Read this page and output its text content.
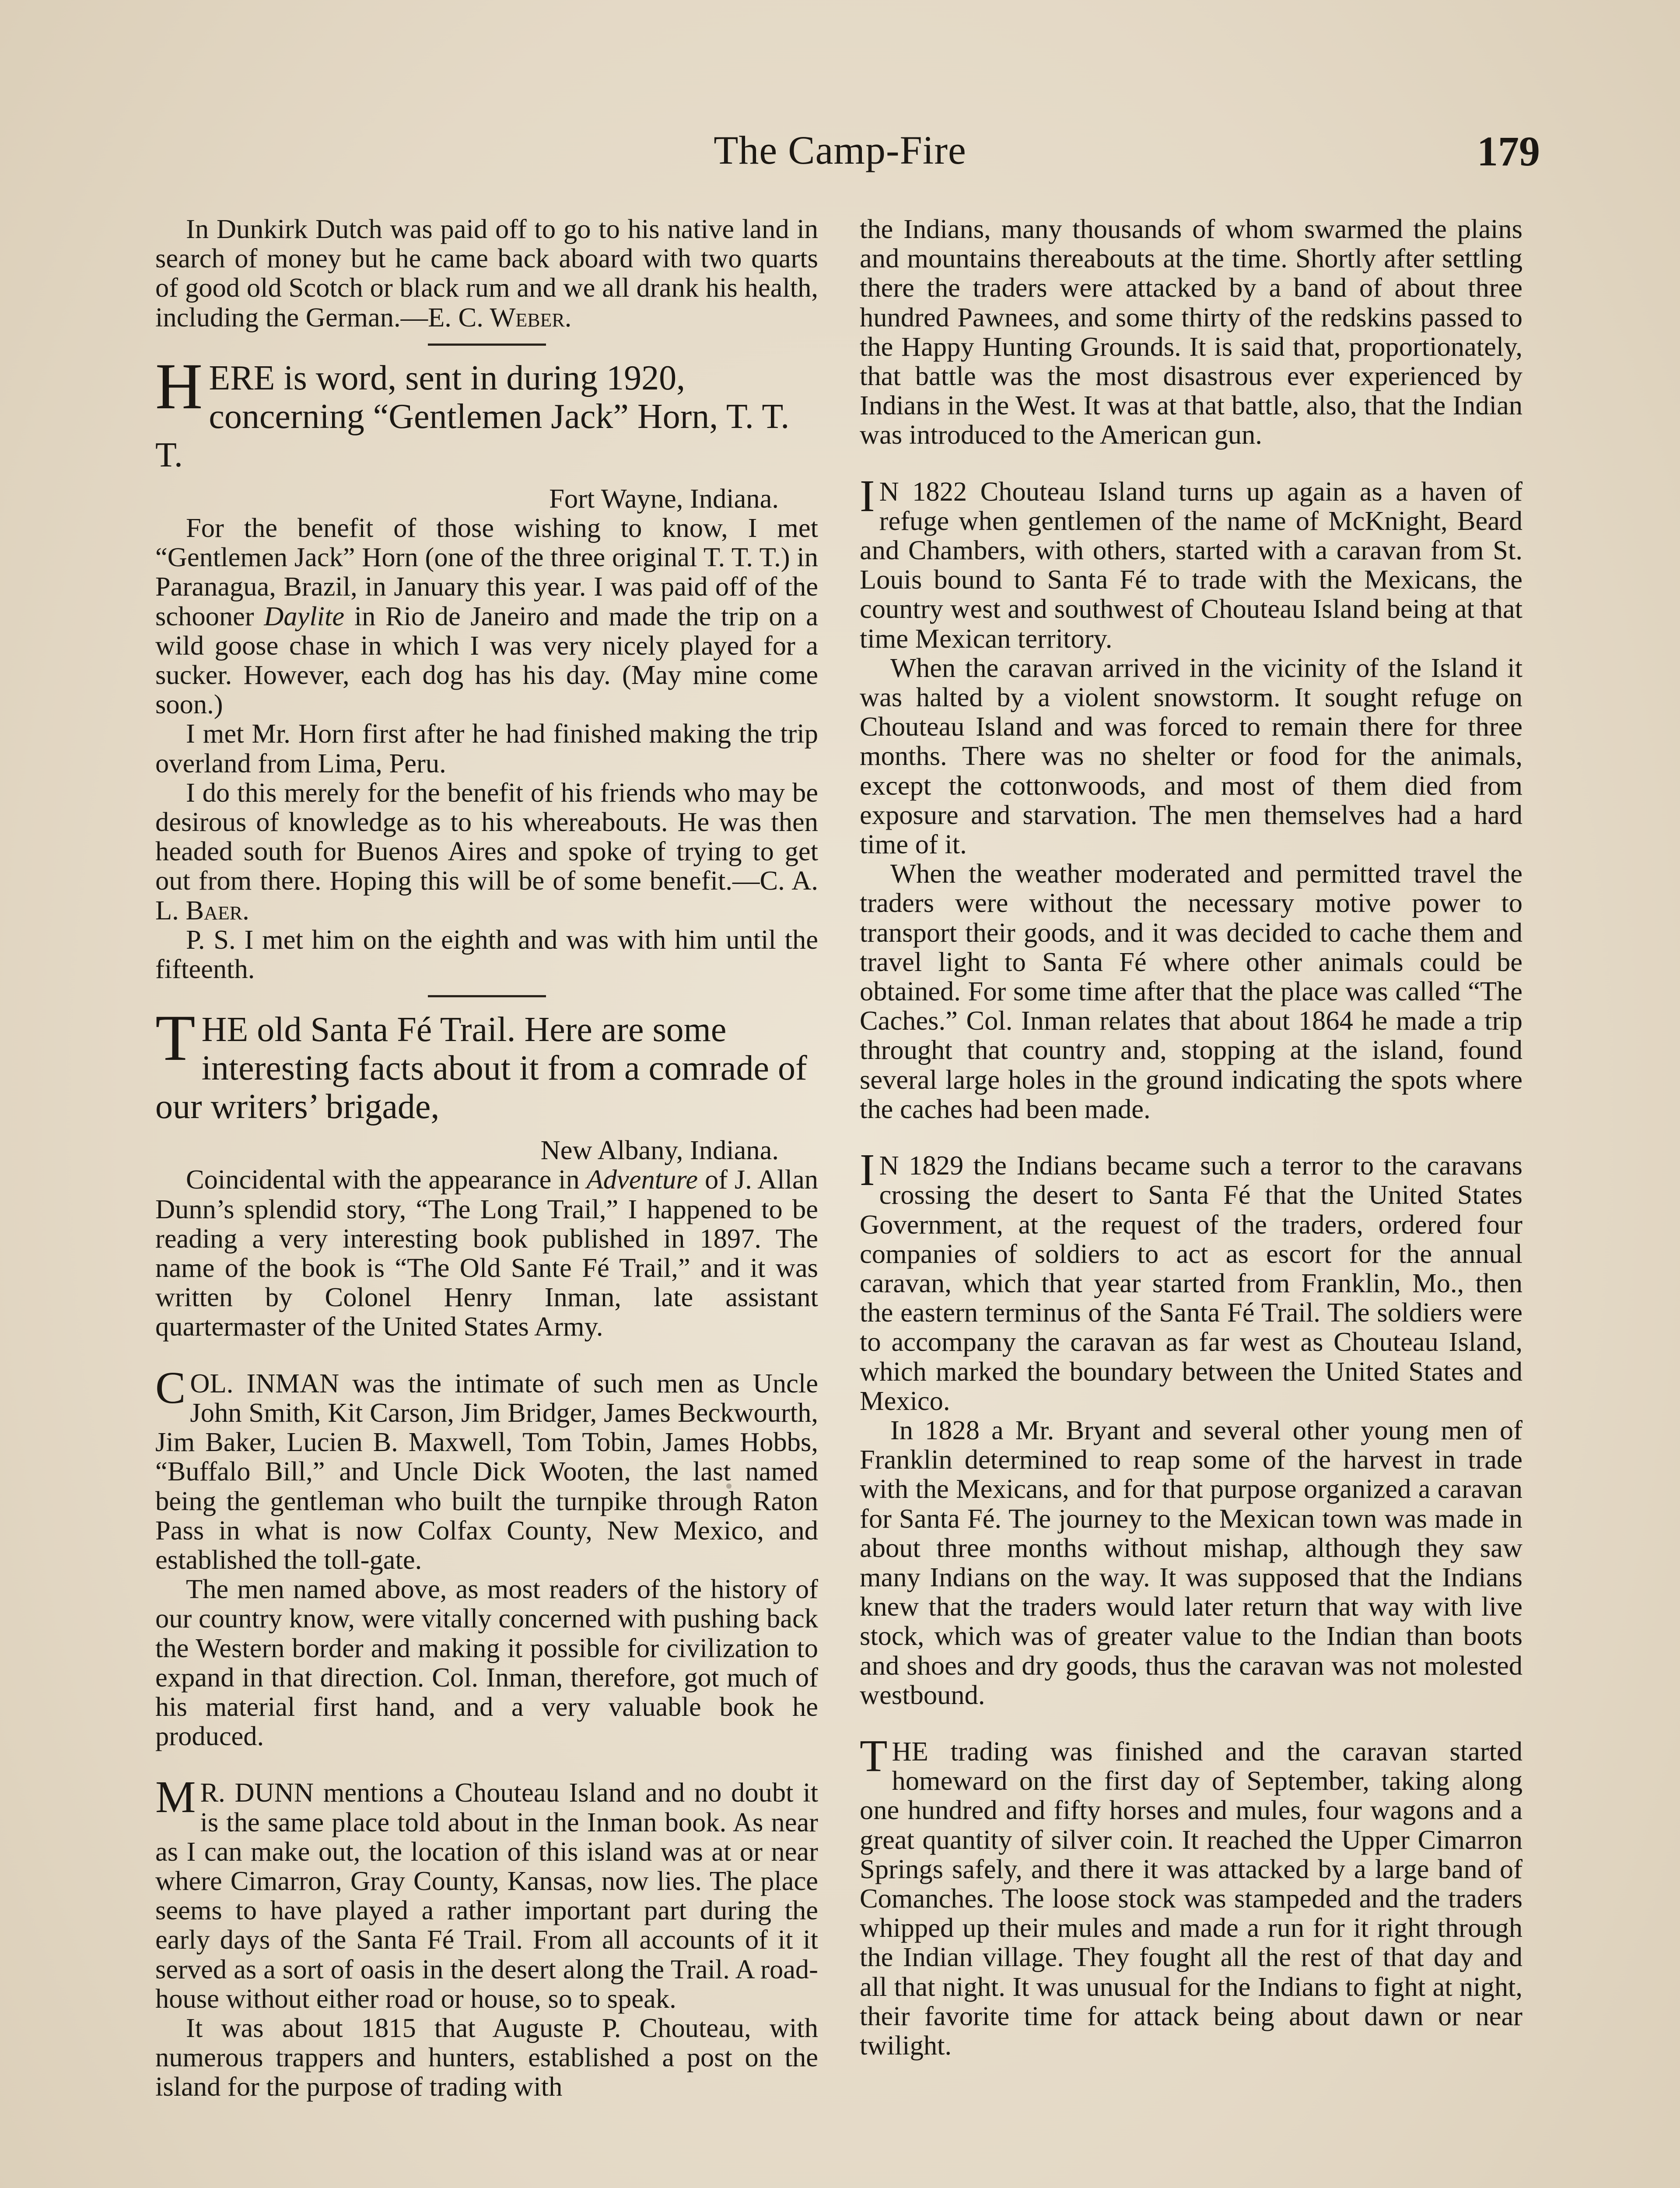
The Camp-Fire	179

In Dunkirk Dutch was paid off to go to his native land in search of money but he came back aboard with two quarts of good old Scotch or black rum and we all drank his health, including the German.—E. C. Weber.

HERE is word, sent in during 1920, concerning “Gentlemen Jack” Horn, T. T. T.

Fort Wayne, Indiana.

For the benefit of those wishing to know, I met “Gentlemen Jack” Horn (one of the three original T. T. T.) in Paranagua, Brazil, in January this year. I was paid off of the schooner Daylite in Rio de Janeiro and made the trip on a wild goose chase in which I was very nicely played for a sucker. However, each dog has his day. (May mine come soon.)

I met Mr. Horn first after he had finished making the trip overland from Lima, Peru.

I do this merely for the benefit of his friends who may be desirous of knowledge as to his whereabouts. He was then headed south for Buenos Aires and spoke of trying to get out from there. Hoping this will be of some benefit.—C. A. L. Baer.

P. S. I met him on the eighth and was with him until the fifteenth.

THE old Santa Fé Trail. Here are some interesting facts about it from a comrade of our writers’ brigade,

New Albany, Indiana.

Coincidental with the appearance in Adventure of J. Allan Dunn’s splendid story, “The Long Trail,” I happened to be reading a very interesting book published in 1897. The name of the book is “The Old Sante Fé Trail,” and it was written by Colonel Henry Inman, late assistant quartermaster of the United States Army.

COL. INMAN was the intimate of such men as Uncle John Smith, Kit Carson, Jim Bridger, James Beckwourth, Jim Baker, Lucien B. Maxwell, Tom Tobin, James Hobbs, “Buffalo Bill,” and Uncle Dick Wooten, the last named being the gentleman who built the turnpike through Raton Pass in what is now Colfax County, New Mexico, and established the toll-gate.

The men named above, as most readers of the history of our country know, were vitally concerned with pushing back the Western border and making it possible for civilization to expand in that direction. Col. Inman, therefore, got much of his material first hand, and a very valuable book he produced.

M R. DUNN mentions a Chouteau Island and no doubt it is the same place told about in the Inman book. As near as I can make out, the location of this island was at or near where Cimarron, Gray County, Kansas, now lies. The place seems to have played a rather important part during the early days of the Santa Fé Trail. From all accounts of it it served as a sort of oasis in the desert along the Trail. A road-house without either road or house, so to speak.

It was about 1815 that Auguste P. Chouteau, with numerous trappers and hunters, established a post on the island for the purpose of trading with

the Indians, many thousands of whom swarmed the plains and mountains thereabouts at the time. Shortly after settling there the traders were attacked by a band of about three hundred Pawnees, and some thirty of the redskins passed to the Happy Hunting Grounds. It is said that, proportionately, that battle was the most disastrous ever experienced by Indians in the West. It was at that battle, also, that the Indian was introduced to the American gun.

I N 1822 Chouteau Island turns up again as a haven of refuge when gentlemen of the name of McKnight, Beard and Chambers, with others, started with a caravan from St. Louis bound to Santa Fé to trade with the Mexicans, the country west and southwest of Chouteau Island being at that time Mexican territory.

When the caravan arrived in the vicinity of the Island it was halted by a violent snowstorm. It sought refuge on Chouteau Island and was forced to remain there for three months. There was no shelter or food for the animals, except the cottonwoods, and most of them died from exposure and starvation. The men themselves had a hard time of it.

When the weather moderated and permitted travel the traders were without the necessary motive power to transport their goods, and it was decided to cache them and travel light to Santa Fé where other animals could be obtained. For some time after that the place was called “The Caches.” Col. Inman relates that about 1864 he made a trip throught that country and, stopping at the island, found several large holes in the ground indicating the spots where the caches had been made.

I N 1829 the Indians became such a terror to the caravans crossing the desert to Santa Fé that the United States Government, at the request of the traders, ordered four companies of soldiers to act as escort for the annual caravan, which that year started from Franklin, Mo., then the eastern terminus of the Santa Fé Trail. The soldiers were to accompany the caravan as far west as Chouteau Island, which marked the boundary between the United States and Mexico.

In 1828 a Mr. Bryant and several other young men of Franklin determined to reap some of the harvest in trade with the Mexicans, and for that purpose organized a caravan for Santa Fé. The journey to the Mexican town was made in about three months without mishap, although they saw many Indians on the way. It was supposed that the Indians knew that the traders would later return that way with live stock, which was of greater value to the Indian than boots and shoes and dry goods, thus the caravan was not molested westbound.

THE trading was finished and the caravan started homeward on the first day of September, taking along one hundred and fifty horses and mules, four wagons and a great quantity of silver coin. It reached the Upper Cimarron Springs safely, and there it was attacked by a large band of Comanches. The loose stock was stampeded and the traders whipped up their mules and made a run for it right through the Indian village. They fought all the rest of that day and all that night. It was unusual for the Indians to fight at night, their favorite time for attack being about dawn or near twilight.
